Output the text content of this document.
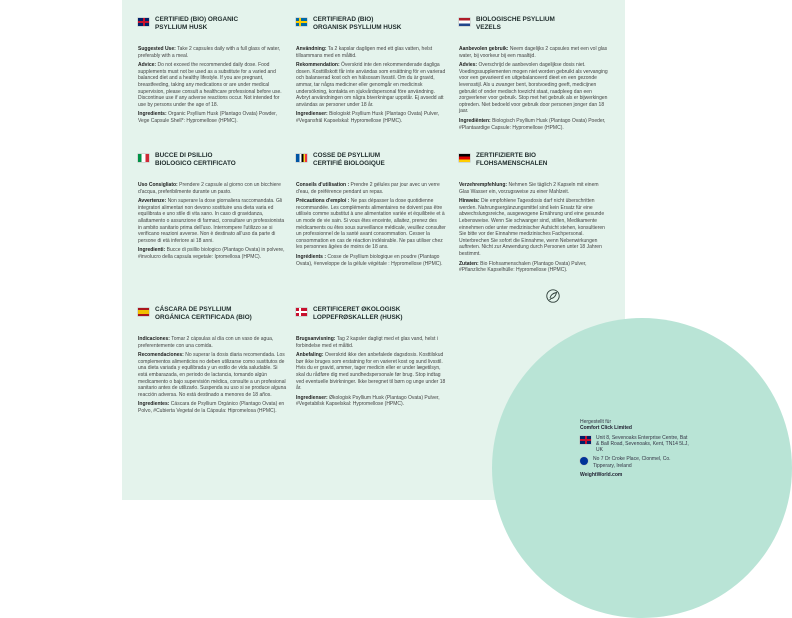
CERTIFIED (BIO) ORGANIC
PSYLLIUM HUSK

Suggested Use: Take 2 capsules daily with a full glass of water, preferably with a meal.

Advice: Do not exceed the recommended daily dose. Food supplements must not be used as a substitute for a varied and balanced diet and a healthy lifestyle. If you are pregnant, breastfeeding, taking any medications or are under medical supervision, please consult a healthcare professional before use. Discontinue use if any adverse reactions occur. Not intended for use by persons under the age of 18.

Ingredients: Organic Psyllium Husk (Plantago Ovata) Powder, Vege Capsule Shell*: Hypromellose (HPMC).

CERTIFIERAD (BIO)
ORGANISK PSYLLIUM HUSK

Användning: Ta 2 kapslar dagligen med ett glas vatten, helst tillsammans med en måltid.

Rekommendation: Överskrid inte den rekommenderade dagliga dosen. Kosttillskott får inte användas som ersättning för en varierad och balanserad kost och en hälsosam livsstil. Om du är gravid, ammar, tar några mediciner eller genomgår en medicinsk undersökning, kontakta en sjukvårdspersonal före användning. Avbryt användningen om några biverkningar uppstår. Ej avsedd att användas av personer under 18 år.

Ingredienser: Biologiskt Psyllium Husk (Plantago Ovata) Pulver, #Vegansfräl Kapselskal: Hypromellose (HPMC).

BIOLOGISCHE PSYLLIUM
VEZELS

Aanbevolen gebruik: Neem dagelijks 2 capsules met een vol glas water, bij voorkeur bij een maaltijd.

Advies: Overschrijd de aanbevolen dagelijkse dosis niet. Voedingssupplementen mogen niet worden gebruikt als vervanging voor een gevarieerd en uitgebalanceerd dieet en een gezonde levensstijl. Als u zwanger bent, borstvoeding geeft, medicijnen gebruikt of onder medisch toezicht staat, raadpleeg dan een zorgverlener voor gebruik. Stop met het gebruik als er bijwerkingen optreden. Niet bedoeld voor gebruik door personen jonger dan 18 jaar.

Ingrediënten: Biologisch Psyllium Husk (Plantago Ovata) Poeder, #Plantaardige Capsule: Hypromellose (HPMC).

BUCCE DI PSILLIO
BIOLOGICO CERTIFICATO

Uso Consigliato: Prendere 2 capsule al giorno con un bicchiere d'acqua, preferibilmente durante un pasto.

Avvertenze: Non superare la dose giornaliera raccomandata. Gli integratori alimentari non devono sostituire una dieta varia ed equilibrata e uno stile di vita sano. In caso di gravidanza, allattamento o assunzione di farmaci, consultare un professionista in ambito sanitario prima dell'uso. Interrompere l'utilizzo se si verificano reazioni avverse. Non è destinato all'uso da parte di persone di età inferiore ai 18 anni.

Ingredienti: Bucce di psillio biologico (Plantago Ovata) in polvere, #involucro della capsula vegetale: Ipromellosa (HPMC).

COSSE DE PSYLLIUM
CERTIFIÉ BIOLOGIQUE

Conseils d'utilisation : Prendre 2 gélules par jour avec un verre d'eau, de préférence pendant un repas.

Précautions d'emploi : Ne pas dépasser la dose quotidienne recommandée. Les compléments alimentaires ne doivent pas être utilisés comme substitut à une alimentation variée et équilibrée et à un mode de vie sain. Si vous êtes enceinte, allaitez, prenez des médicaments ou êtes sous surveillance médicale, veuillez consulter un professionnel de la santé avant consommation. Cesser la consommation en cas de réaction indésirable. Ne pas utiliser chez les personnes âgées de moins de 18 ans.

Ingrédients : Cosse de Psyllium biologique en poudre (Plantago Ovata), #enveloppe de la gélule végétale : Hypromellose (HPMC).

ZERTIFIZIERTE BIO
FLOHSAMENSCHALEN

Verzehrempfehlung: Nehmen Sie täglich 2 Kapseln mit einem Glas Wasser ein, vorzugsweise zu einer Mahlzeit.

Hinweis: Die empfohlene Tagesdosis darf nicht überschritten werden. Nahrungsergänzungsmittel sind kein Ersatz für eine abwechslungsreiche, ausgewogene Ernährung und eine gesunde Lebensweise. Wenn Sie schwanger sind, stillen, Medikamente einnehmen oder unter medizinischer Aufsicht stehen, konsultieren Sie bitte vor der Einnahme medizinisches Fachpersonal. Unterbrechen Sie sofort die Einnahme, wenn Nebenwirkungen auftreten. Nicht zur Anwendung durch Personen unter 18 Jahren bestimmt.

Zutaten: Bio Flohsamenschalen (Plantago Ovata) Pulver, #Pflanzliche Kapselhülle: Hypromellose (HPMC).

CÁSCARA DE PSYLLIUM
ORGÁNICA CERTIFICADA (BIO)

Indicaciones: Tomar 2 cápsulas al día con un vaso de agua, preferentemente con una comida.

Recomendaciones: No superar la dosis diaria recomendada. Los complementos alimenticios no deben utilizarse como sustitutos de una dieta variada y equilibrada y un estilo de vida saludable. Si está embarazada, en periodo de lactancia, tomando algún medicamento o bajo supervisión médica, consulte a un profesional sanitario antes de utilizarlo. Suspenda su uso si se produce alguna reacción adversa. No está destinado a menores de 18 años.

Ingredientes: Cáscara de Psyllium Orgánico (Plantago Ovata) en Polvo, #Cubierta Vegetal de la Cápsula: Hipromelosa (HPMC).

CERTIFICERET ØKOLOGISK
LOPPEFRØSKALLER (HUSK)

Brugsanvisning: Tag 2 kapsler dagligt med et glas vand, helst i forbindelse med et måltid.

Anbefaling: Overskrid ikke den anbefalede dagsdosis. Kosttilskud bør ikke bruges som erstatning for en varieret kost og sund livsstil. Hvis du er gravid, ammer, tager medicin eller er under lægetilsyn, skal du rådføre dig med sundhedspersonale før brug. Stop indtag ved eventuelle bivirkninger. Ikke beregnet til børn og unge under 18 år.

Ingredienser: Økologisk Psyllium Husk (Plantago Ovata) Pulver, #Vegetabilsk Kapselskal: Hypromellose (HPMC).

Hergestellt für
Comfort Click Limited
Unit 8, Sevenoaks Enterprise Centre, Bat & Ball Road, Sevenoaks, Kent, TN14 5LJ, UK
No 7 Dr Croke Place, Clonmel, Co. Tipperary, Ireland
WeightWorld.com
